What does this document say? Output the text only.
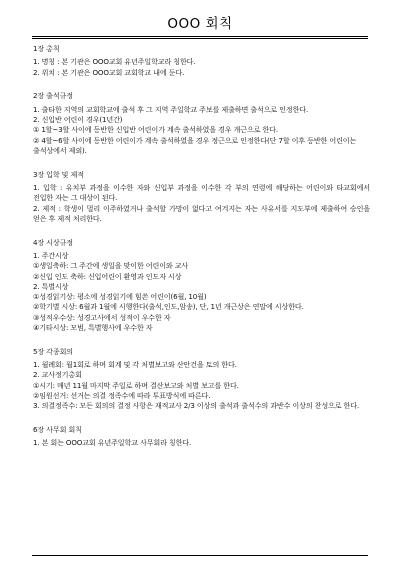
OOO 회칙
1장 총칙
1. 명칭 : 본 기관은 OOO교회 유년주일학교라 칭한다.
2. 위치 : 본 기관은 OOO교회 교회학교 내에 둔다.
2장 출석규정
1. 출타한 지역의 교회학교에 출석 후 그 지역 주일학교 주보를 제출하면 출석으로 인정한다.
2. 신입반 어린이 경우(1년간)
① 1할~3할 사이에 등반한 신입반 어린이가 계속 출석하였을 경우 개근으로 한다.
② 4할~6할 사이에 등반한 어린이가 계속 출석하였을 경우 정근으로 인정한다(단 7할 이후 등반한 어린이는 출석상에서 제외).
3장 입학 및 제적
1. 입학 : 유치부 과정을 이수한 자와 신입부 과정을 이수한 각 부의 연령에 해당하는 어린이와 타교회에서 전입한 자는 그 대상이 된다.
2. 제적 : 학생이 멀리 이주하였거나 출석할 가망이 없다고 여겨지는 자는 사유서를 지도부에 제출하여 승인을 얻은 후 제적 처리한다.
4장 시상규정
1. 주간시상
①생일축하: 그 주간에 생일을 맞이한 어린이와 교사
②신입 인도 축하: 신입어린이 환영과 인도자 시상
2. 특별시상
①성경읽기상: 평소에 성경읽기에 힘쓴 어린이(6월, 10월)
②학기별 시상: 6월과 1월에 시행한다(출석,인도,암송), 단, 1년 개근상은 연말에 시상한다.
③성적우수상: 성경고사에서 성적이 우수한 자
④기타시상: 모범, 특별행사에 우수한 자
5장 각종회의
1. 월례회: 월1회로 하며 회계 및 각 처별보고와 산안건을 토의 한다.
2. 교사정기총회
①시기: 매년 11월 마지막 주일로 하며 결산보고와 처별 보고를 한다.
②임원선거: 선거는 의결 정족수에 따라 투표방식에 따른다.
3. 의결정족수: 모든 회의의 결정 사항은 재적교사 2/3 이상의 출석과 출석수의 과반수 이상의 찬성으로 한다.
6장 사무회 회칙
1. 본 회는 OOO교회 유년주일학교 사무회라 칭한다.
